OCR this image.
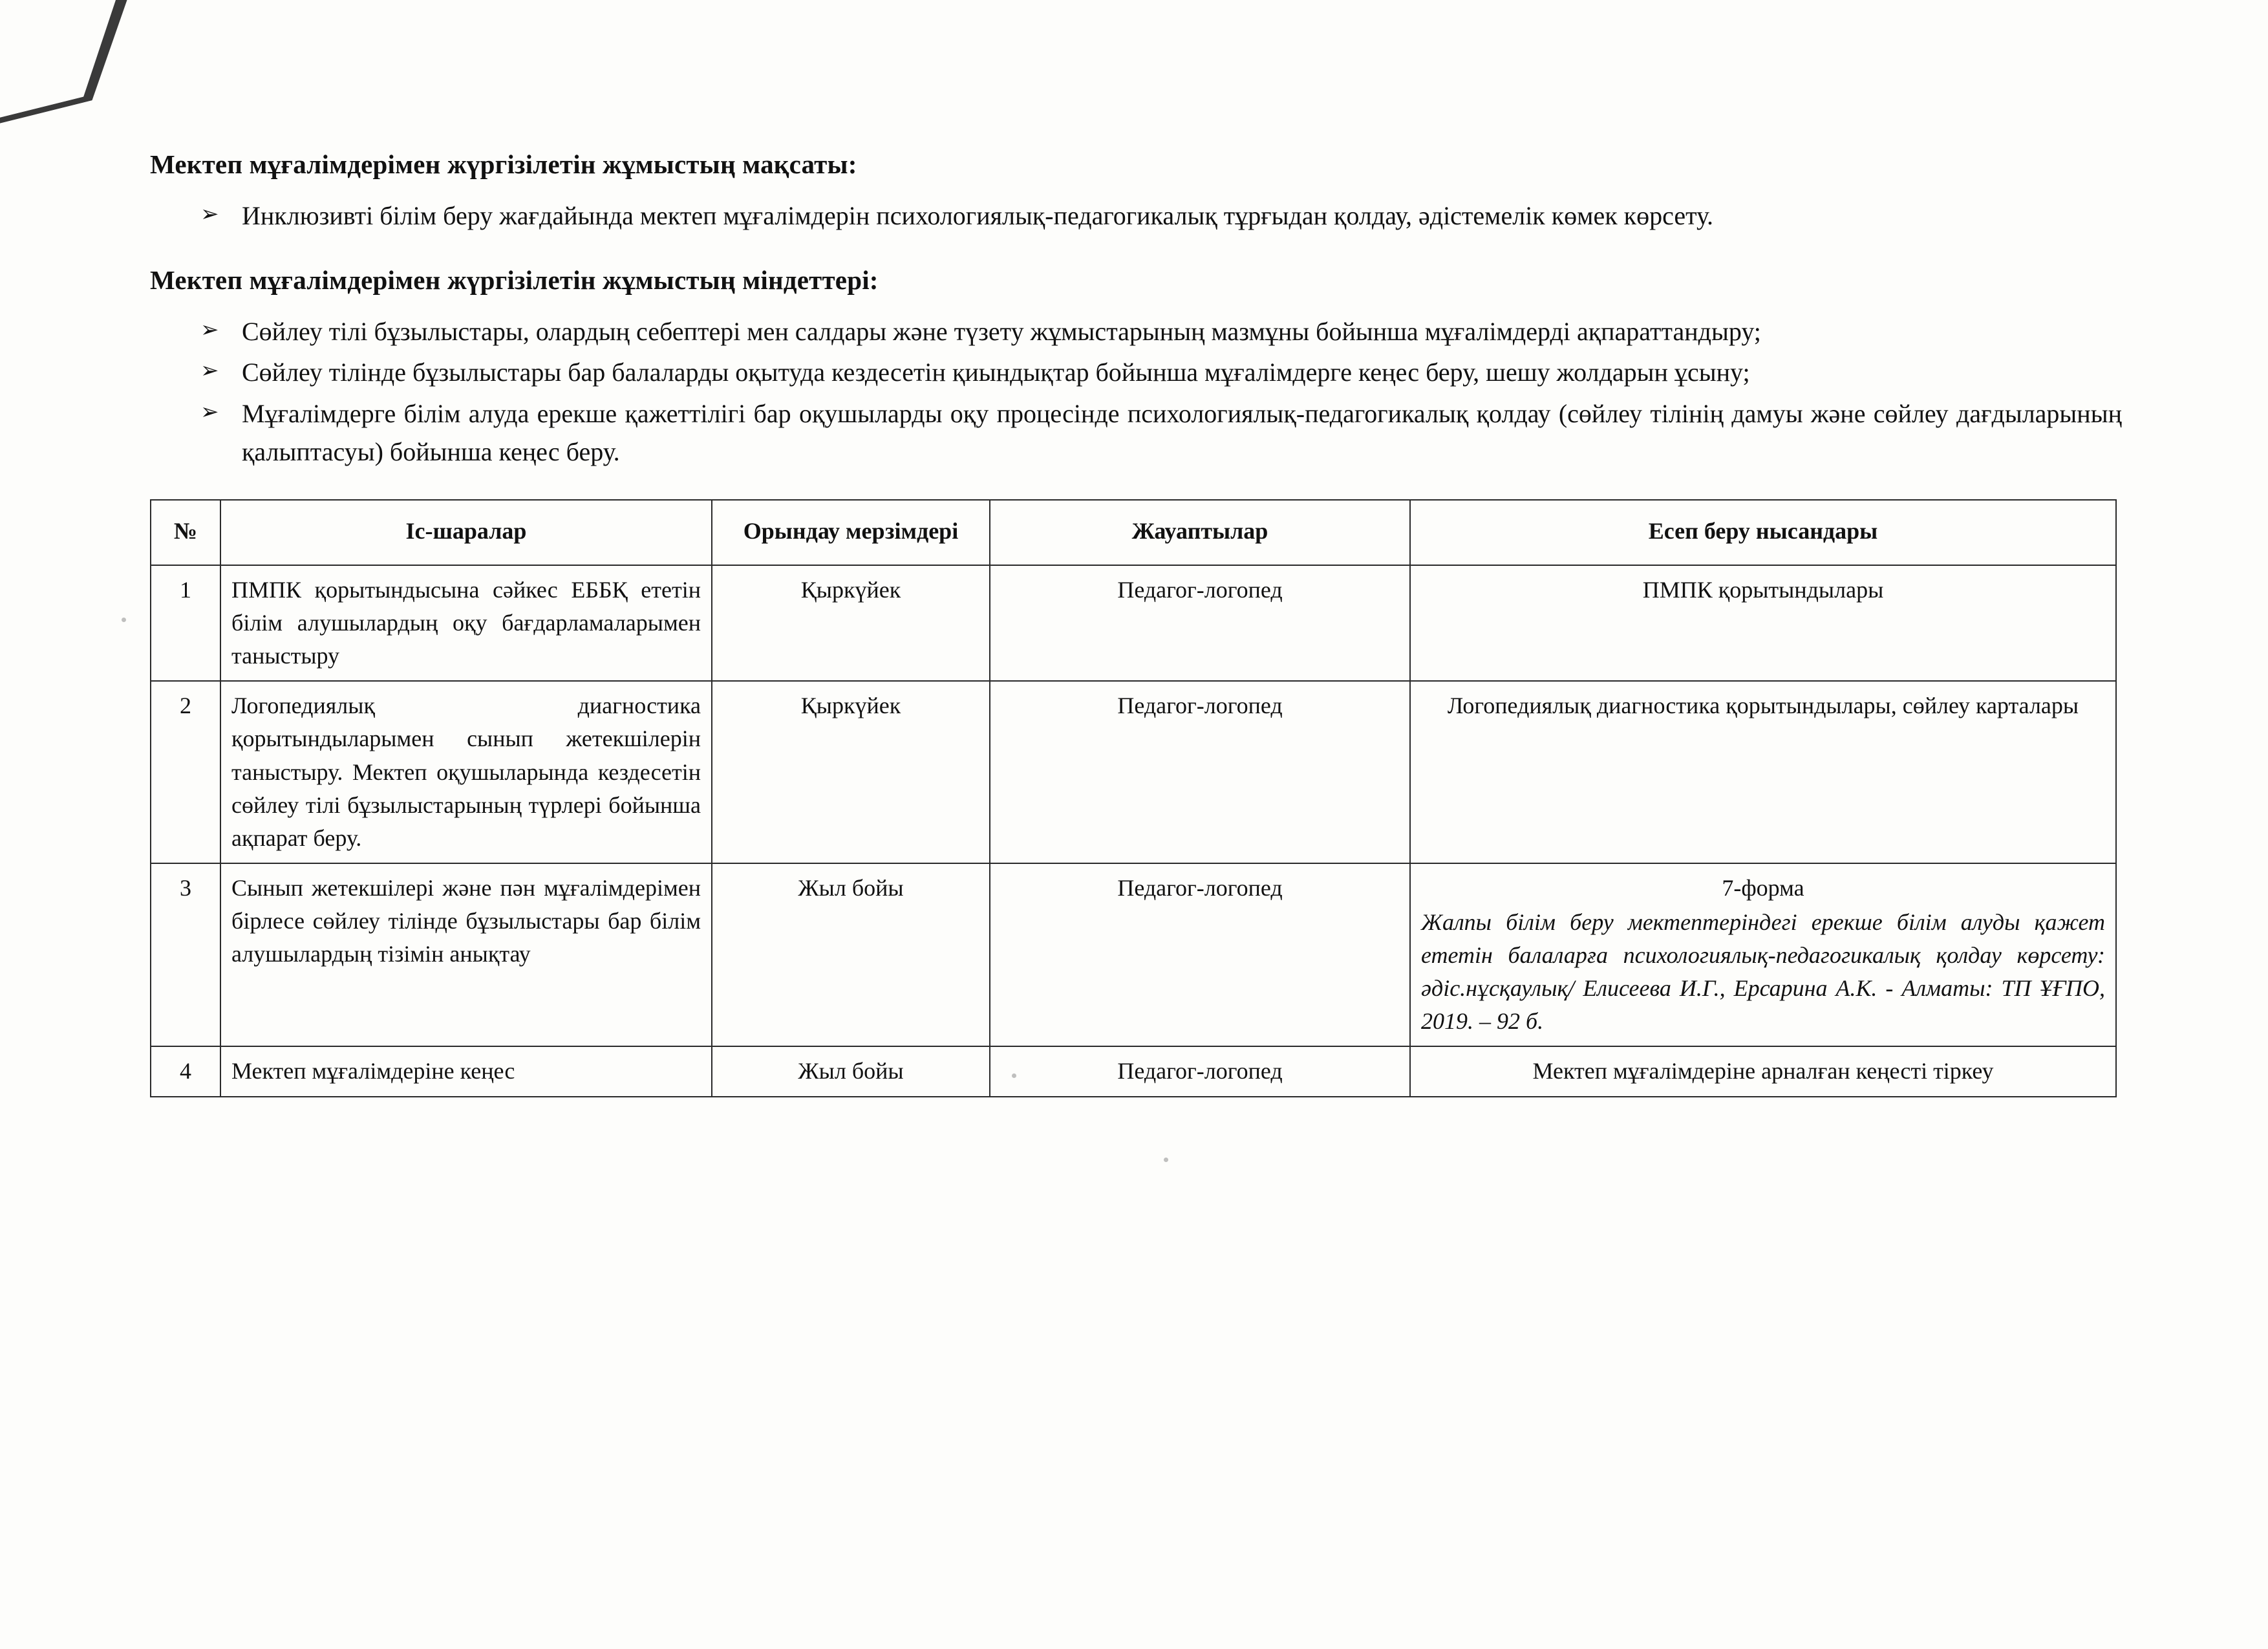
Мектеп мұғалімдерімен жүргізілетін жұмыстың мақсаты:
➢ Инклюзивті білім беру жағдайында мектеп мұғалімдерін психологиялық-педагогикалық тұрғыдан қолдау, әдістемелік көмек көрсету.
Мектеп мұғалімдерімен жүргізілетін жұмыстың міндеттері:
➢ Сөйлеу тілі бұзылыстары, олардың себептері мен салдары және түзету жұмыстарының мазмұны бойынша мұғалімдерді ақпараттандыру;
➢ Сөйлеу тілінде бұзылыстары бар балаларды оқытуда кездесетін қиындықтар бойынша мұғалімдерге кеңес беру, шешу жолдарын ұсыну;
➢ Мұғалімдерге білім алуда ерекше қажеттілігі бар оқушыларды оқу процесінде психологиялық-педагогикалық қолдау (сөйлеу тілінің дамуы және сөйлеу дағдыларының қалыптасуы) бойынша кеңес беру.
№	Іс-шаралар	Орындау мерзімдері	Жауаптылар	Есеп беру нысандары
1	ПМПК қорытындысына сәйкес ЕББҚ ететін білім алушылардың оқу бағдарламаларымен таныстыру	Қыркүйек	Педагог-логопед	ПМПК қорытындылары
2	Логопедиялық диагностика қорытындыларымен сынып жетекшілерін таныстыру. Мектеп оқушыларында кездесетін сөйлеу тілі бұзылыстарының түрлері бойынша ақпарат беру.	Қыркүйек	Педагог-логопед	Логопедиялық диагностика қорытындылары, сөйлеу карталары
3	Сынып жетекшілері және пән мұғалімдерімен бірлесе сөйлеу тілінде бұзылыстары бар білім алушылардың тізімін анықтау	Жыл бойы	Педагог-логопед	7-форма
Жалпы білім беру мектептеріндегі ерекше білім алуды қажет ететін балаларға психологиялық-педагогикалық қолдау көрсету: әдіс.нұсқаулық/ Елисеева И.Г., Ерсарина А.К. - Алматы: ТП ҰҒПО, 2019. – 92 б.

4	Мектеп мұғалімдеріне кеңес	Жыл бойы	Педагог-логопед	Мектеп мұғалімдеріне арналған кеңесті тіркеу
